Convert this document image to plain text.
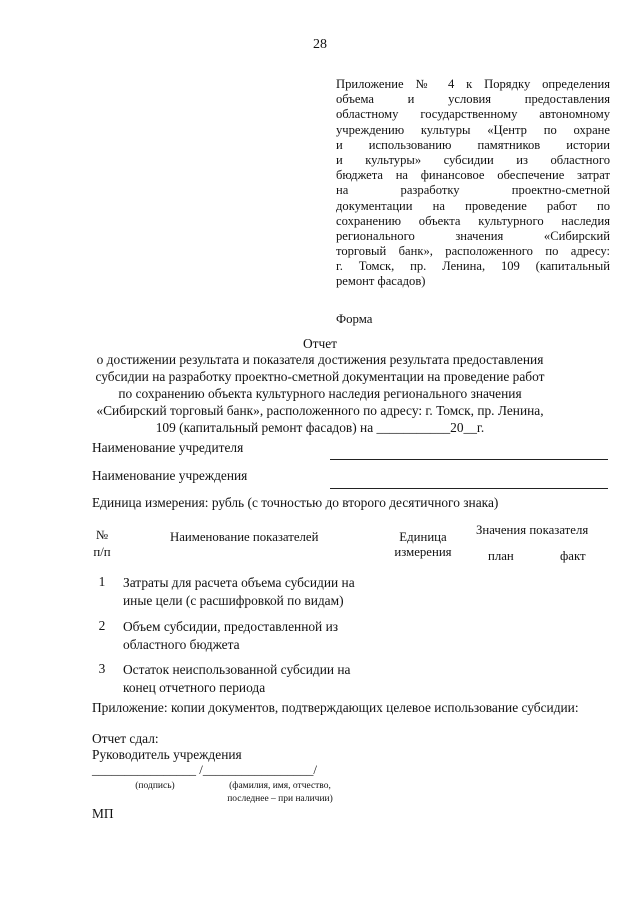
28
Приложение № 4 к Порядку определения
объема и условия предоставления
областному государственному автономному
учреждению культуры «Центр по охране
и использованию памятников истории
и культуры» субсидии из областного
бюджета на финансовое обеспечение затрат
на разработку проектно-сметной
документации на проведение работ по
сохранению объекта культурного наследия
регионального значения «Сибирский
торговый банк», расположенного по адресу:
г. Томск, пр. Ленина, 109 (капитальный
ремонт фасадов)
Форма
Отчет
о достижении результата и показателя достижения результата предоставления субсидии на разработку проектно-сметной документации на проведение работ по сохранению объекта культурного наследия регионального значения «Сибирский торговый банк», расположенного по адресу: г. Томск, пр. Ленина, 109 (капитальный ремонт фасадов) на ___________20__г.
Наименование учредителя
Наименование учреждения
Единица измерения: рубль (с точностью до второго десятичного знака)
№
п/п
Наименование показателей	Единица
измерения
Значения показателя
план	факт
1	Затраты для расчета объема субсидии на
иные цели (с расшифровкой по видам)
2	Объем субсидии, предоставленной из
областного бюджета
3	Остаток неиспользованной субсидии на
конец отчетного периода
Приложение: копии документов, подтверждающих целевое использование субсидии:
Отчет сдал:
Руководитель учреждения
________________ /_________________/
(подпись)	(фамилия, имя, отчество,
последнее – при наличии)
МП
